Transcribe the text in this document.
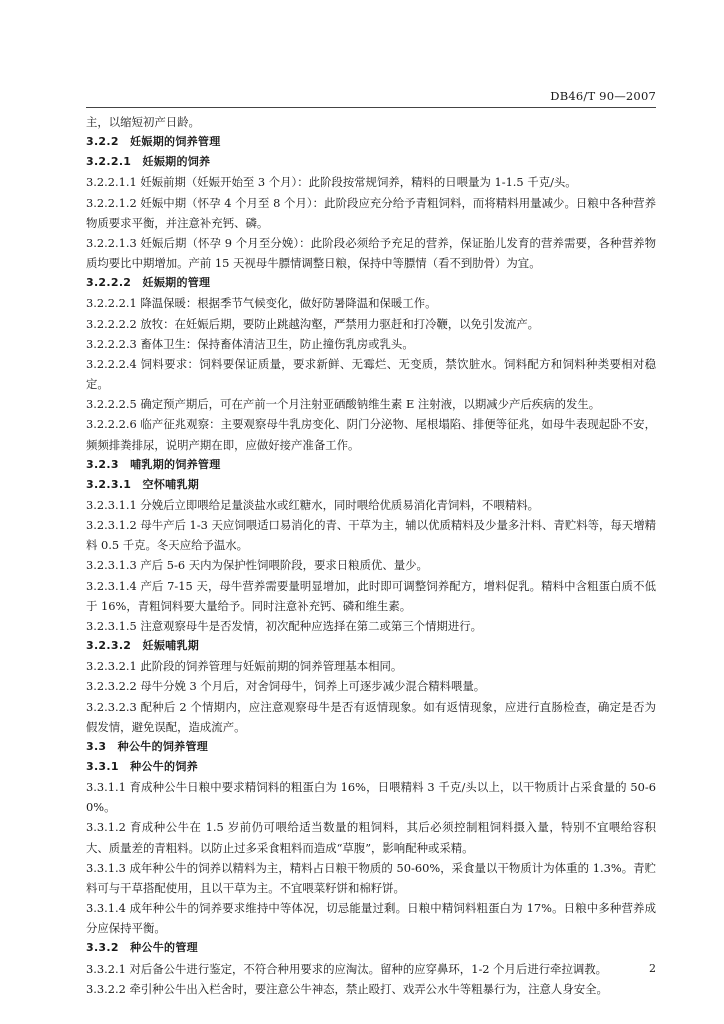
DB46/T 90—2007

主，以缩短初产日龄。

3.2.2　妊娠期的饲养管理

3.2.2.1　妊娠期的饲养

3.2.2.1.1 妊娠前期（妊娠开始至 3 个月）：此阶段按常规饲养，精料的日喂量为 1-1.5 千克/头。

3.2.2.1.2 妊娠中期（怀孕 4 个月至 8 个月）：此阶段应充分给予青粗饲料，而将精料用量减少。日粮中各种营养物质要求平衡，并注意补充钙、磷。

3.2.2.1.3 妊娠后期（怀孕 9 个月至分娩）：此阶段必须给予充足的营养，保证胎儿发育的营养需要，各种营养物质均要比中期增加。产前 15 天视母牛膘情调整日粮，保持中等膘情（看不到肋骨）为宜。

3.2.2.2　妊娠期的管理

3.2.2.2.1 降温保暖：根据季节气候变化，做好防暑降温和保暖工作。

3.2.2.2.2 放牧：在妊娠后期，要防止跳越沟壑，严禁用力驱赶和打冷鞭，以免引发流产。

3.2.2.2.3 畜体卫生：保持畜体清洁卫生，防止撞伤乳房或乳头。

3.2.2.2.4 饲料要求：饲料要保证质量，要求新鲜、无霉烂、无变质，禁饮脏水。饲料配方和饲料种类要相对稳定。

3.2.2.2.5 确定预产期后，可在产前一个月注射亚硒酸钠维生素 E 注射液，以期减少产后疾病的发生。

3.2.2.2.6 临产征兆观察：主要观察母牛乳房变化、阴门分泌物、尾根塌陷、排便等征兆，如母牛表现起卧不安，频频排粪排尿，说明产期在即，应做好接产准备工作。

3.2.3　哺乳期的饲养管理

3.2.3.1　空怀哺乳期

3.2.3.1.1 分娩后立即喂给足量淡盐水或红糖水，同时喂给优质易消化青饲料，不喂精料。

3.2.3.1.2 母牛产后 1-3 天应饲喂适口易消化的青、干草为主，辅以优质精料及少量多汁料、青贮料等，每天增精料 0.5 千克。冬天应给予温水。

3.2.3.1.3 产后 5-6 天内为保护性饲喂阶段，要求日粮质优、量少。

3.2.3.1.4 产后 7-15 天，母牛营养需要量明显增加，此时即可调整饲养配方，增料促乳。精料中含粗蛋白质不低于 16%，青粗饲料要大量给予。同时注意补充钙、磷和维生素。

3.2.3.1.5 注意观察母牛是否发情，初次配种应选择在第二或第三个情期进行。

3.2.3.2　妊娠哺乳期

3.2.3.2.1 此阶段的饲养管理与妊娠前期的饲养管理基本相同。

3.2.3.2.2 母牛分娩 3 个月后，对舍饲母牛，饲养上可逐步减少混合精料喂量。

3.2.3.2.3 配种后 2 个情期内，应注意观察母牛是否有返情现象。如有返情现象，应进行直肠检查，确定是否为假发情，避免误配，造成流产。

3.3　种公牛的饲养管理

3.3.1　种公牛的饲养

3.3.1.1 育成种公牛日粮中要求精饲料的粗蛋白为 16%，日喂精料 3 千克/头以上，以干物质计占采食量的 50-60%。

3.3.1.2 育成种公牛在 1.5 岁前仍可喂给适当数量的粗饲料，其后必须控制粗饲料摄入量，特别不宜喂给容积大、质量差的青粗料。以防止过多采食粗料而造成“草腹”，影响配种或采精。

3.3.1.3 成年种公牛的饲养以精料为主，精料占日粮干物质的 50-60%，采食量以干物质计为体重的 1.3%。青贮料可与干草搭配使用，且以干草为主。不宜喂菜籽饼和棉籽饼。

3.3.1.4 成年种公牛的饲养要求维持中等体况，切忌能量过剩。日粮中精饲料粗蛋白为 17%。日粮中多种营养成分应保持平衡。

3.3.2　种公牛的管理

3.3.2.1 对后备公牛进行鉴定，不符合种用要求的应淘汰。留种的应穿鼻环，1-2 个月后进行牵拉调教。

3.3.2.2 牵引种公牛出入栏舍时，要注意公牛神态，禁止殴打、戏弄公水牛等粗暴行为，注意人身安全。

2
